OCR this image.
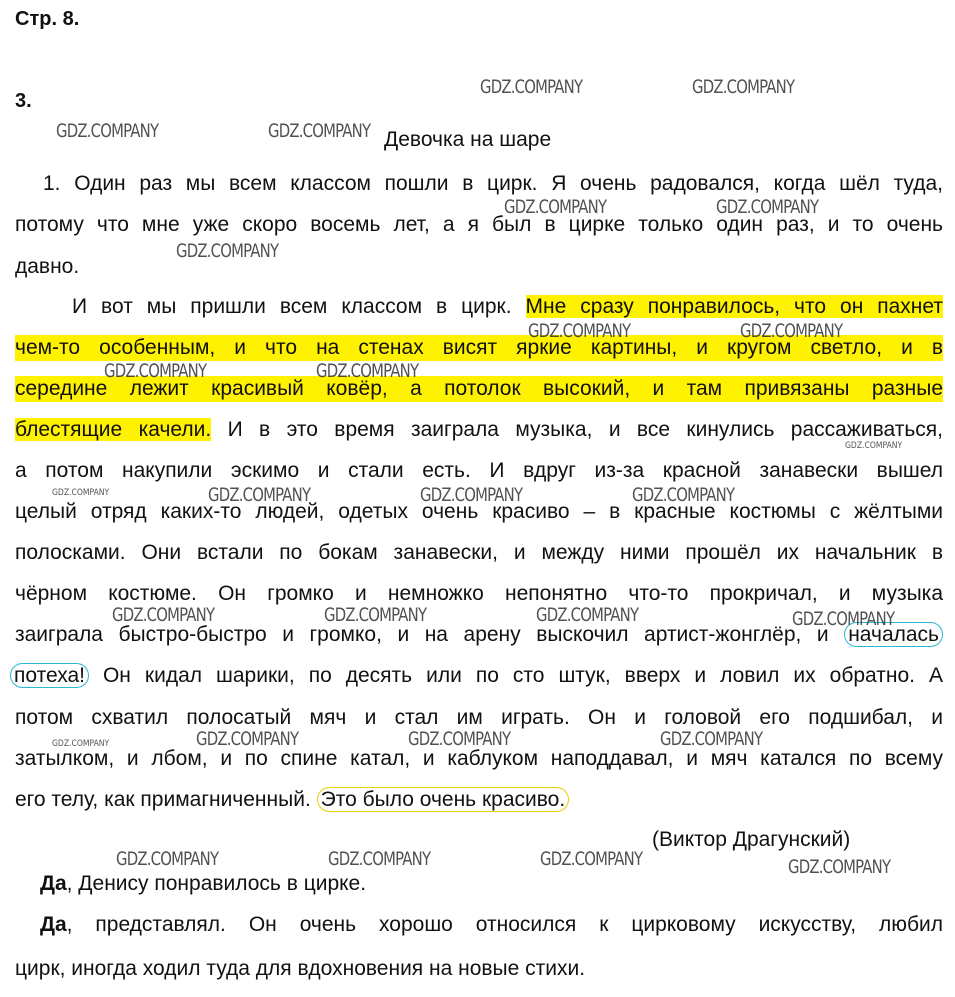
Стр. 8.
3.
Девочка на шаре
1. Один раз мы всем классом пошли в цирк. Я очень радовался, когда шёл туда,
потому что мне уже скоро восемь лет, а я был в цирке только один раз, и то очень
давно.
И вот мы пришли всем классом в цирк. Мне сразу понравилось, что он пахнет
чем-то особенным, и что на стенах висят яркие картины, и кругом светло, и в
середине лежит красивый ковёр, а потолок высокий, и там привязаны разные
блестящие качели. И в это время заиграла музыка, и все кинулись рассаживаться,
а потом накупили эскимо и стали есть. И вдруг из-за красной занавески вышел
целый отряд каких-то людей, одетых очень красиво – в красные костюмы с жёлтыми
полосками. Они встали по бокам занавески, и между ними прошёл их начальник в
чёрном костюме. Он громко и немножко непонятно что-то прокричал, и музыка
заиграла быстро-быстро и громко, и на арену выскочил артист-жонглёр, и началась
потеха! Он кидал шарики, по десять или по сто штук, вверх и ловил их обратно. А
потом схватил полосатый мяч и стал им играть. Он и головой его подшибал, и
затылком, и лбом, и по спине катал, и каблуком наподдавал, и мяч катался по всему
его телу, как примагниченный. Это было очень красиво.
(Виктор Драгунский)
Да, Денису понравилось в цирке.
Да, представлял. Он очень хорошо относился к цирковому искусству, любил
цирк, иногда ходил туда для вдохновения на новые стихи.
GDZ.COMPANY	GDZ.COMPANY
GDZ.COMPANY	GDZ.COMPANY
GDZ.COMPANY	GDZ.COMPANY
GDZ.COMPANY
GDZ.COMPANY	GDZ.COMPANY
GDZ.COMPANY	GDZ.COMPANY
GDZ.COMPANY
GDZ.COMPANY	GDZ.COMPANY	GDZ.COMPANY	GDZ.COMPANY
GDZ.COMPANY	GDZ.COMPANY	GDZ.COMPANY	GDZ.COMPANY
GDZ.COMPANY	GDZ.COMPANY	GDZ.COMPANY	GDZ.COMPANY
GDZ.COMPANY	GDZ.COMPANY	GDZ.COMPANY	GDZ.COMPANY
